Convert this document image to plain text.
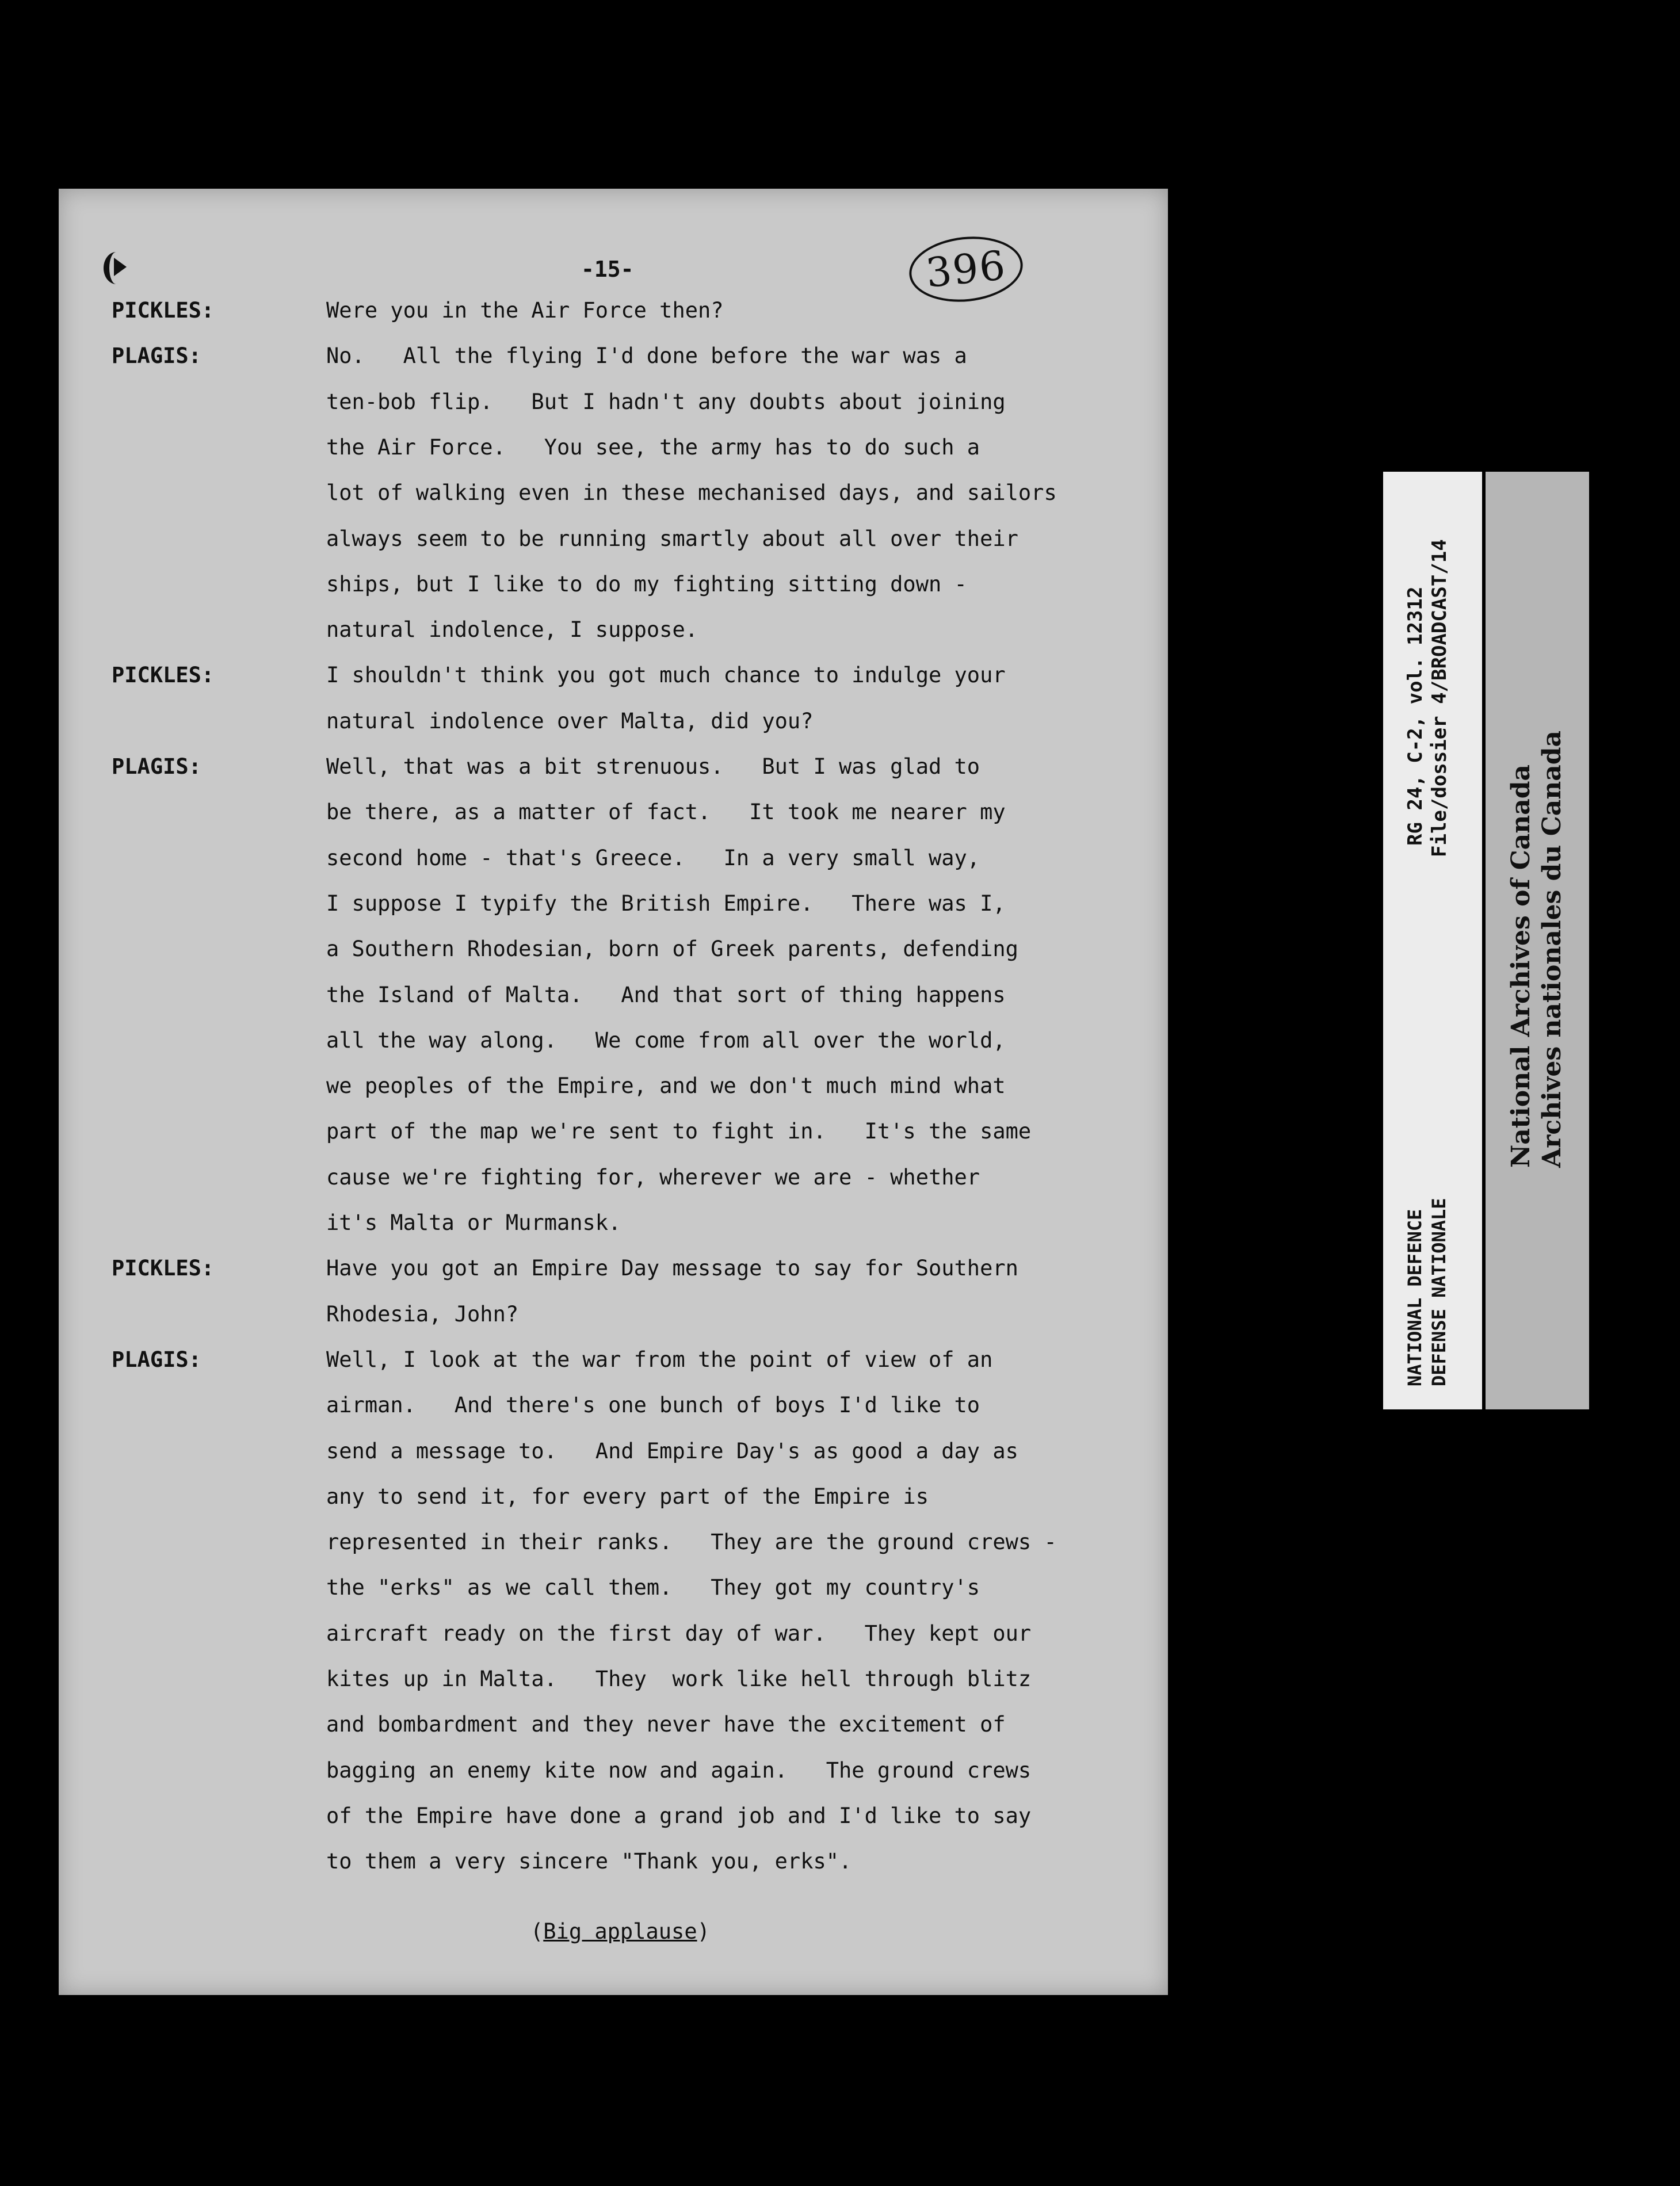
-15-	396
PICKLES:	Were you in the Air Force then?
PLAGIS:	No.   All the flying I'd done before the war was a
ten-bob flip.   But I hadn't any doubts about joining
the Air Force.   You see, the army has to do such a
lot of walking even in these mechanised days, and sailors
always seem to be running smartly about all over their
ships, but I like to do my fighting sitting down -
natural indolence, I suppose.
PICKLES:	I shouldn't think you got much chance to indulge your
natural indolence over Malta, did you?
PLAGIS:	Well, that was a bit strenuous.   But I was glad to
be there, as a matter of fact.   It took me nearer my
second home - that's Greece.   In a very small way,
I suppose I typify the British Empire.   There was I,
a Southern Rhodesian, born of Greek parents, defending
the Island of Malta.   And that sort of thing happens
all the way along.   We come from all over the world,
we peoples of the Empire, and we don't much mind what
part of the map we're sent to fight in.   It's the same
cause we're fighting for, wherever we are - whether
it's Malta or Murmansk.
PICKLES:	Have you got an Empire Day message to say for Southern
Rhodesia, John?
PLAGIS:	Well, I look at the war from the point of view of an
airman.   And there's one bunch of boys I'd like to
send a message to.   And Empire Day's as good a day as
any to send it, for every part of the Empire is
represented in their ranks.   They are the ground crews -
the "erks" as we call them.   They got my country's
aircraft ready on the first day of war.   They kept our
kites up in Malta.   They  work like hell through blitz
and bombardment and they never have the excitement of
bagging an enemy kite now and again.   The ground crews
of the Empire have done a grand job and I'd like to say
to them a very sincere "Thank you, erks".
(Big applause)
RG 24, C-2, vol. 12312 File/dossier 4/BROADCAST/14
NATIONAL DEFENCE DEFENSE NATIONALE
National Archives of Canada Archives nationales du Canada
